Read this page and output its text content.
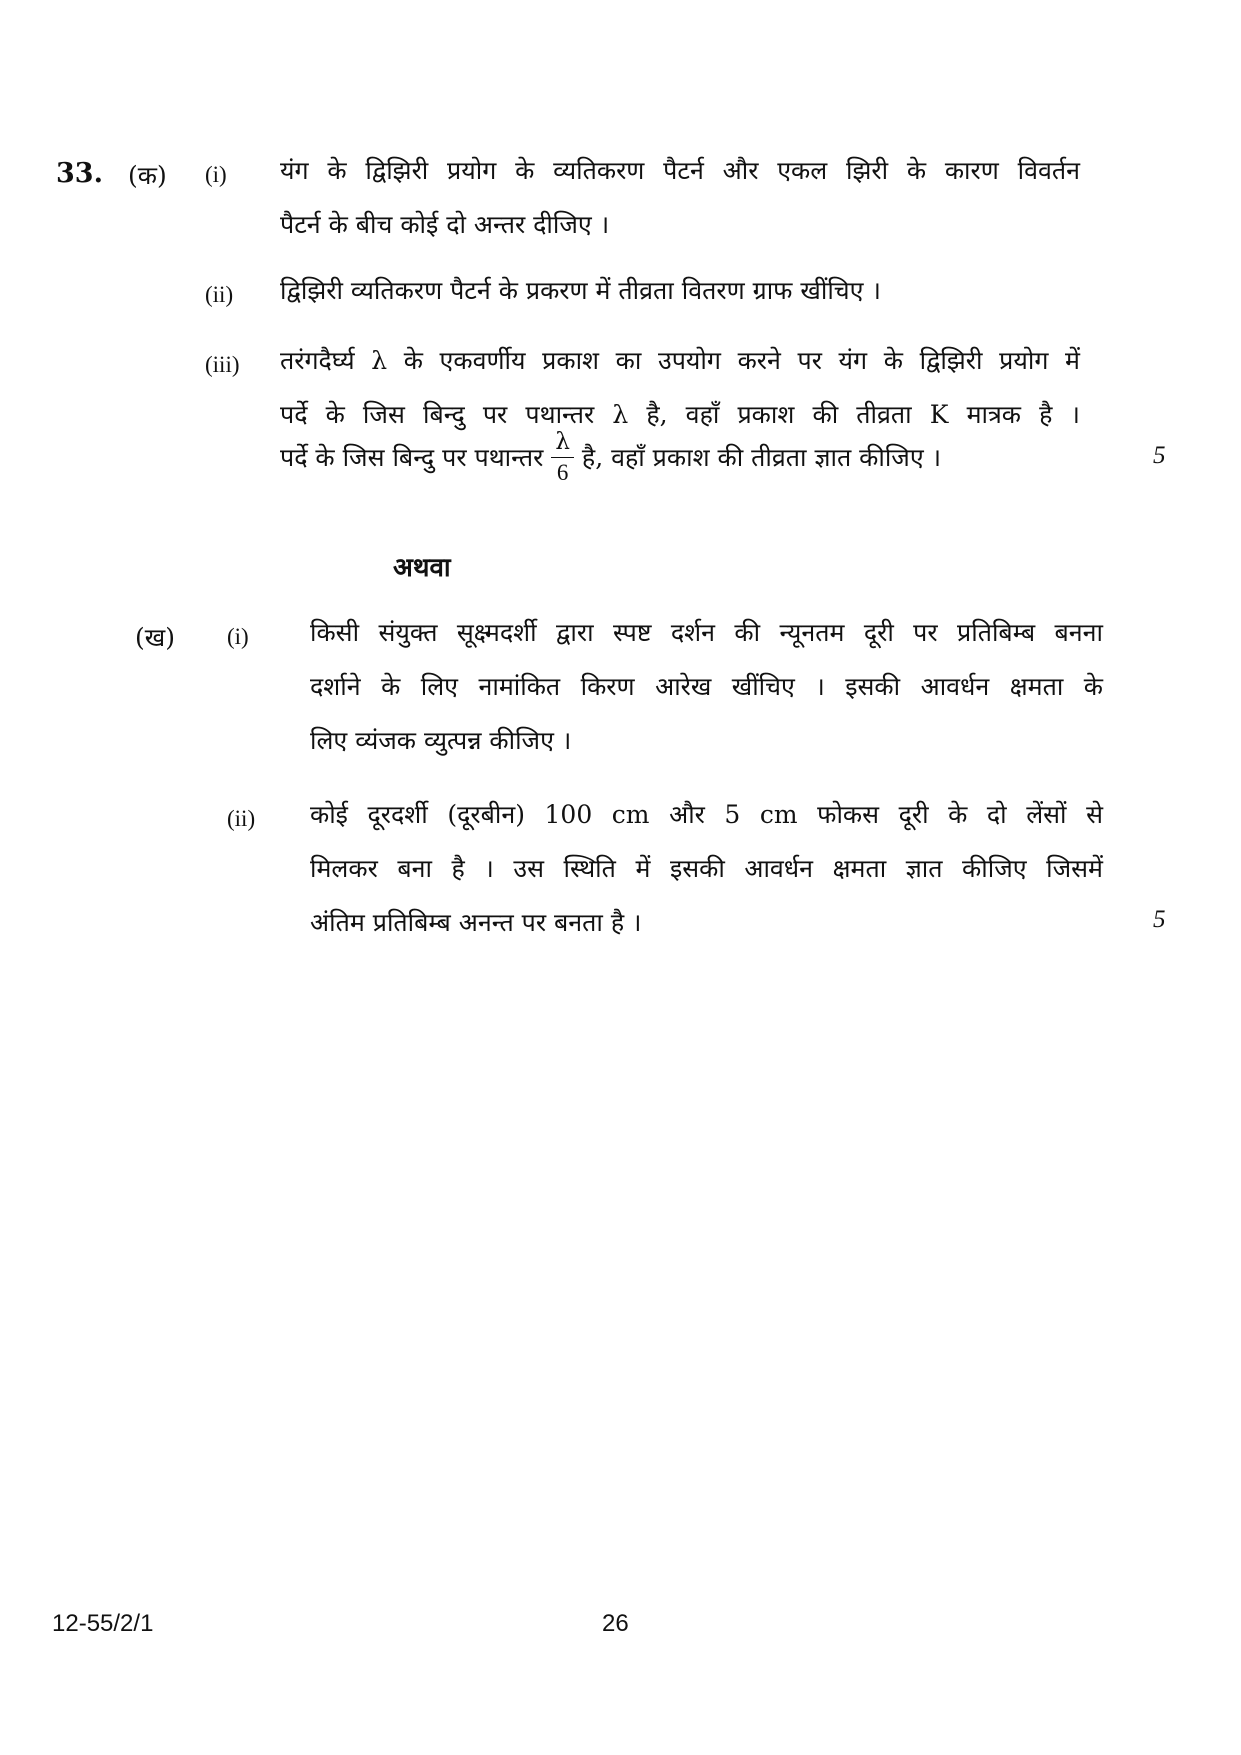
33. (क) (i) यंग के द्विझिरी प्रयोग के व्यतिकरण पैटर्न और एकल झिरी के कारण विवर्तन
पैटर्न के बीच कोई दो अन्तर दीजिए ।
(ii) द्विझिरी व्यतिकरण पैटर्न के प्रकरण में तीव्रता वितरण ग्राफ खींचिए ।
(iii) तरंगदैर्घ्य λ के एकवर्णीय प्रकाश का उपयोग करने पर यंग के द्विझिरी प्रयोग में
पर्दे के जिस बिन्दु पर पथान्तर λ है, वहाँ प्रकाश की तीव्रता K मात्रक है ।
पर्दे के जिस बिन्दु पर पथान्तर $\frac{\lambda}{6}$ है, वहाँ प्रकाश की तीव्रता ज्ञात कीजिए ।	5
अथवा
(ख) (i) किसी संयुक्त सूक्ष्मदर्शी द्वारा स्पष्ट दर्शन की न्यूनतम दूरी पर प्रतिबिम्ब बनना
दर्शाने के लिए नामांकित किरण आरेख खींचिए । इसकी आवर्धन क्षमता के
लिए व्यंजक व्युत्पन्न कीजिए ।
(ii) कोई दूरदर्शी (दूरबीन) 100 cm और 5 cm फोकस दूरी के दो लेंसों से
मिलकर बना है । उस स्थिति में इसकी आवर्धन क्षमता ज्ञात कीजिए जिसमें
अंतिम प्रतिबिम्ब अनन्त पर बनता है ।	5
12-55/2/1	26
